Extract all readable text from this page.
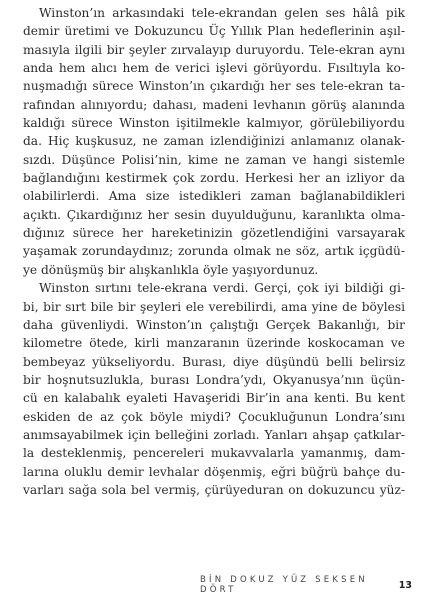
Winston’ın arkasındaki tele-ekrandan gelen ses hâlâ pik
demir üretimi ve Dokuzuncu Üç Yıllık Plan hedeflerinin aşıl-
masıyla ilgili bir şeyler zırvalayıp duruyordu. Tele-ekran aynı
anda hem alıcı hem de verici işlevi görüyordu. Fısıltıyla ko-
nuşmadığı sürece Winston’ın çıkardığı her ses tele-ekran ta-
rafından alınıyordu; dahası, madeni levhanın görüş alanında
kaldığı sürece Winston işitilmekle kalmıyor, görülebiliyordu
da. Hiç kuşkusuz, ne zaman izlendiğinizi anlamanız olanak-
sızdı. Düşünce Polisi’nin, kime ne zaman ve hangi sistemle
bağlandığını kestirmek çok zordu. Herkesi her an izliyor da
olabilirlerdi. Ama size istedikleri zaman bağlanabildikleri
açıktı. Çıkardığınız her sesin duyulduğunu, karanlıkta olma-
dığınız sürece her hareketinizin gözetlendiğini varsayarak
yaşamak zorundaydınız; zorunda olmak ne söz, artık içgüdü-
ye dönüşmüş bir alışkanlıkla öyle yaşıyordunuz.
Winston sırtını tele-ekrana verdi. Gerçi, çok iyi bildiği gi-
bi, bir sırt bile bir şeyleri ele verebilirdi, ama yine de böylesi
daha güvenliydi. Winston’ın çalıştığı Gerçek Bakanlığı, bir
kilometre ötede, kirli manzaranın üzerinde koskocaman ve
bembeyaz yükseliyordu. Burası, diye düşündü belli belirsiz
bir hoşnutsuzlukla, burası Londra’ydı, Okyanusya’nın üçün-
cü en kalabalık eyaleti Havaşeridi Bir’in ana kenti. Bu kent
eskiden de az çok böyle miydi? Çocukluğunun Londra’sını
anımsayabilmek için belleğini zorladı. Yanları ahşap çatkılar-
la desteklenmiş, pencereleri mukavvalarla yamanmış, dam-
larına oluklu demir levhalar döşenmiş, eğri büğrü bahçe du-
varları sağa sola bel vermiş, çürüyeduran on dokuzuncu yüz-
BİN DOKUZ YÜZ SEKSEN DÖRT	13
